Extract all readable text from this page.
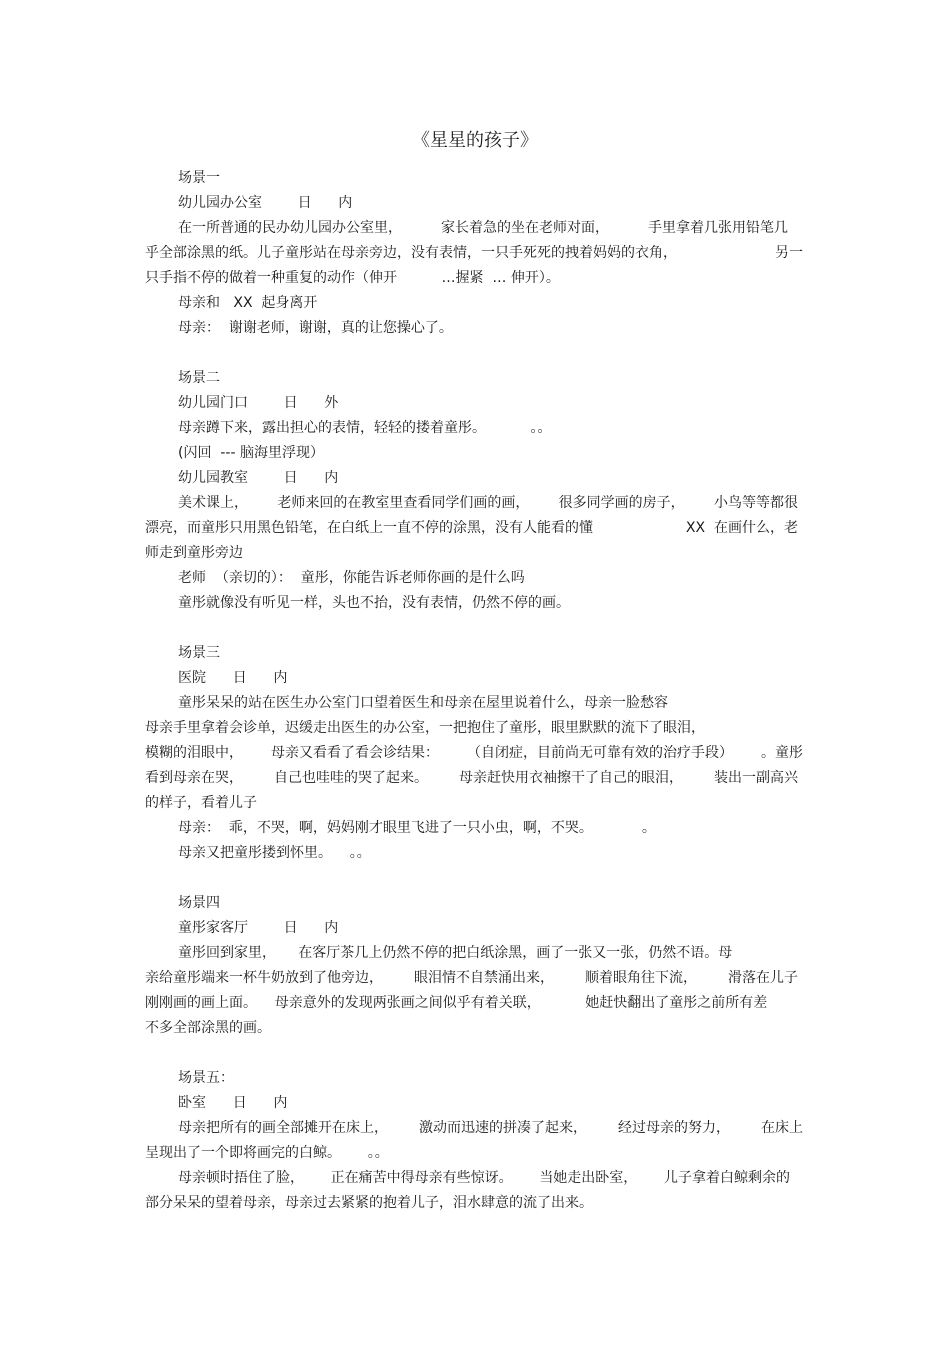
《星星的孩子》
场景一
幼儿园办公室        日      内
在一所普通的民办幼儿园办公室里，	家长着急的坐在老师对面，	手里拿着几张用铅笔几
乎全部涂黑的纸。儿子童彤站在母亲旁边，没有表情，一只手死死的拽着妈妈的衣角，	另一
只手指不停的做着一种重复的动作（伸开          …握紧  … 伸开）。
母亲和   XX  起身离开
母亲：  谢谢老师，谢谢，真的让您操心了。
场景二
幼儿园门口        日      外
母亲蹲下来，露出担心的表情，轻轻的搂着童彤。          。。
(闪回  --- 脑海里浮现）
幼儿园教室        日      内
美术课上， 老师来回的在教室里查看同学们画的画， 很多同学画的房子， 小鸟等等都很
漂亮，而童彤只用黑色铅笔，在白纸上一直不停的涂黑，没有人能看的懂	XX  在画什么，老
师走到童彤旁边
老师  （亲切的）：  童彤，你能告诉老师你画的是什么吗
童彤就像没有听见一样，头也不抬，没有表情，仍然不停的画。
场景三
医院      日      内
童彤呆呆的站在医生办公室门口望着医生和母亲在屋里说着什么，母亲一脸愁容
母亲手里拿着会诊单，迟缓走出医生的办公室，一把抱住了童彤，眼里默默的流下了眼泪，
模糊的泪眼中， 母亲又看看了看会诊结果： （自闭症，目前尚无可靠有效的治疗手段） 。童彤
看到母亲在哭， 自己也哇哇的哭了起来。 母亲赶快用衣袖擦干了自己的眼泪， 装出一副高兴
的样子，看着儿子
母亲：  乖，不哭，啊，妈妈刚才眼里飞进了一只小虫，啊，不哭。           。
母亲又把童彤搂到怀里。    。。
场景四
童彤家客厅        日      内
童彤回到家里，     在客厅茶几上仍然不停的把白纸涂黑，画了一张又一张，仍然不语。母
亲给童彤端来一杯牛奶放到了他旁边， 眼泪情不自禁涌出来， 顺着眼角往下流， 滑落在儿子
刚刚画的画上面。    母亲意外的发现两张画之间似乎有着关联，          她赶快翻出了童彤之前所有差
不多全部涂黑的画。
场景五：
卧室      日      内
母亲把所有的画全部摊开在床上， 激动而迅速的拼凑了起来， 经过母亲的努力， 在床上
呈现出了一个即将画完的白鲸。      。。
母亲顿时捂住了脸， 正在痛苦中得母亲有些惊讶。 当她走出卧室， 儿子拿着白鲸剩余的
部分呆呆的望着母亲，母亲过去紧紧的抱着儿子，泪水肆意的流了出来。
